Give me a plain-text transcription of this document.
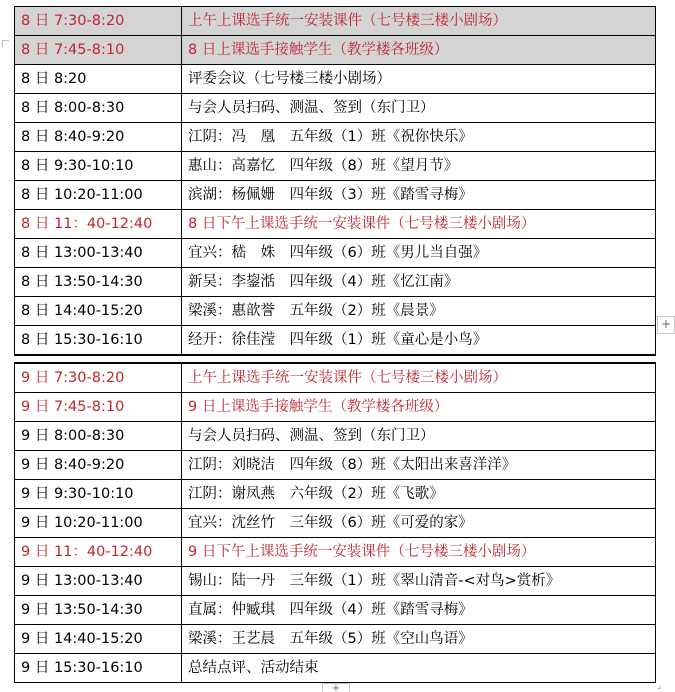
8 日 7:30-8:20	上午上课选手统一安装课件（七号楼三楼小剧场）
8 日 7:45-8:10	8 日上课选手接触学生（教学楼各班级）
8 日 8:20	评委会议（七号楼三楼小剧场）
8 日 8:00-8:30	与会人员扫码、测温、签到（东门卫）
8 日 8:40-9:20	江阴：冯　凰　五年级（1）班《祝你快乐》
8 日 9:30-10:10	惠山：高嘉忆　四年级（8）班《望月节》
8 日 10:20-11:00	滨湖：杨佩姗　四年级（3）班《踏雪寻梅》
8 日 11：40-12:40	8 日下午上课选手统一安装课件（七号楼三楼小剧场）
8 日 13:00-13:40	宜兴：嵇　姝　四年级（6）班《男儿当自强》
8 日 13:50-14:30	新吴：李鋆湉　四年级（4）班《忆江南》
8 日 14:40-15:20	梁溪：惠歆誉　五年级（2）班《晨景》
8 日 15:30-16:10	经开：徐佳滢　四年级（1）班《童心是小鸟》

9 日 7:30-8:20	上午上课选手统一安装课件（七号楼三楼小剧场）
9 日 7:45-8:10	9 日上课选手接触学生（教学楼各班级）
9 日 8:00-8:30	与会人员扫码、测温、签到（东门卫）
9 日 8:40-9:20	江阴：刘晓洁　四年级（8）班《太阳出来喜洋洋》
9 日 9:30-10:10	江阴：谢凤燕　六年级（2）班《飞歌》
9 日 10:20-11:00	宜兴：沈丝竹　三年级（6）班《可爱的家》
9 日 11：40-12:40	9 日下午上课选手统一安装课件（七号楼三楼小剧场）
9 日 13:00-13:40	锡山：陆一丹　三年级（1）班《翠山清音-<对鸟>赏析》
9 日 13:50-14:30	直属：仲臧琪　四年级（4）班《踏雪寻梅》
9 日 14:40-15:20	梁溪：王艺晨　五年级（5）班《空山鸟语》
9 日 15:30-16:10	总结点评、活动结束
+
+	⌟
